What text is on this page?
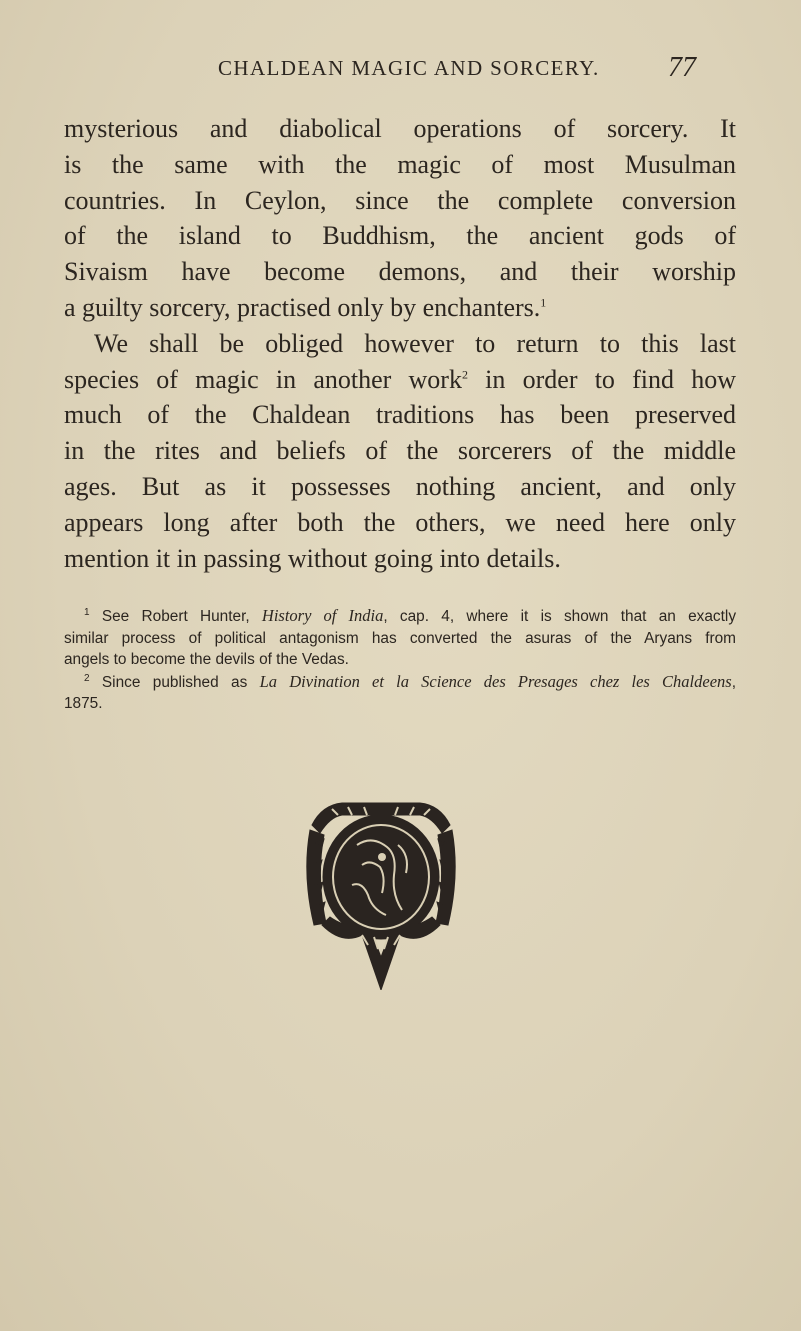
CHALDEAN MAGIC AND SORCERY. 77
mysterious and diabolical operations of sorcery. It
is the same with the magic of most Musulman
countries. In Ceylon, since the complete conversion
of the island to Buddhism, the ancient gods of
Sivaism have become demons, and their worship
a guilty sorcery, practised only by enchanters.$^1$
We shall be obliged however to return to this last
species of magic in another work$^2$ in order to find how
much of the Chaldean traditions has been preserved
in the rites and beliefs of the sorcerers of the middle
ages. But as it possesses nothing ancient, and only
appears long after both the others, we need here only
mention it in passing without going into details.
$^1$ See Robert Hunter, History of India, cap. 4, where it is shown that an exactly
similar process of political antagonism has converted the asuras of the Aryans from
angels to become the devils of the Vedas.
$^2$ Since published as La Divination et la Science des Presages chez les Chaldeens,
1875.
